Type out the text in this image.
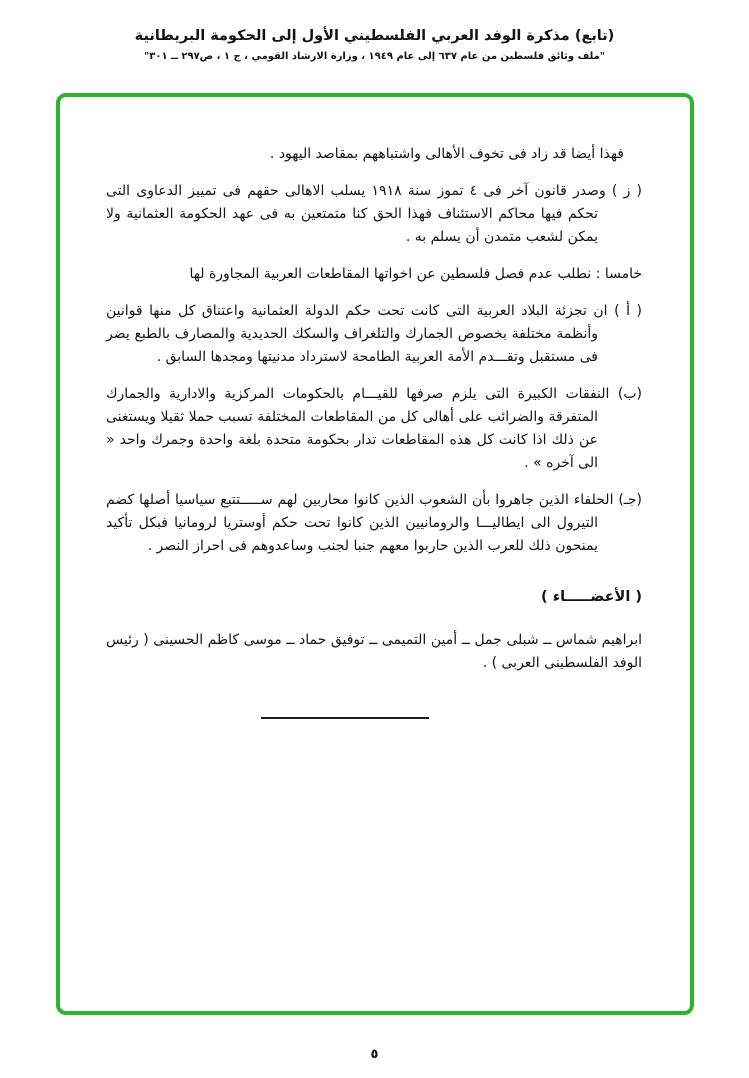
(تابع) مذكرة الوفد العربي الفلسطيني الأول إلى الحكومة البريطانية
"ملف وثائق فلسطين من عام ٦٣٧ إلى عام ١٩٤٩ ، وزارة الارشاد القومي ، ج ١ ، ص٢٩٧ ــ ٣٠١"

فهذا أيضا قد زاد فى تخوف الأهالى واشتباههم بمقاصد اليهود .

( ز ) وصدر قانون آخر فى ٤ تموز سنة ١٩١٨ يسلب الاهالى حقهم فى تمييز الدعاوى التى تحكم فيها محاكم الاستئناف فهذا الحق كنا متمتعين به فى عهد الحكومة العثمانية ولا يمكن لشعب متمدن أن يسلم به .

خامسا : نطلب عدم فصل فلسطين عن اخواتها المقاطعات العربية المجاورة لها

( أ ) ان تجزئة البلاد العربية التى كانت تحت حكم الدولة العثمانية واعتناق كل منها قوانين وأنظمة مختلفة بخصوص الجمارك والتلغراف والسكك الحديدية والمصارف بالطبع يضر فى مستقبل وتقـــدم الأمة العربية الطامحة لاسترداد مدنيتها ومجدها السابق .

(ب) النفقات الكبيرة التى يلزم صرفها للقيـــام بالحكومات المركزية والادارية والجمارك المتفرقة والضرائب على أهالى كل من المقاطعات المختلفة تسبب حملا ثقيلا ويستغنى عن ذلك اذا كانت كل هذه المقاطعات تدار بحكومة متحدة بلغة واحدة وجمرك واحد « الى آخره » .

(جـ) الحلفاء الذين جاهروا بأن الشعوب الذين كانوا محاربين لهم ســـــتتبع سياسيا أصلها كضم التيرول الى ايطاليـــا والرومانيين الذين كانوا تحت حكم أوستريا لرومانيا فبكل تأكيد يمنحون ذلك للعرب الذين حاربوا معهم جنبا لجنب وساعدوهم فى احراز النصر .

( الأعضـــــاء )

ابراهيم شماس ــ شبلى جمل ــ أمين التميمى ــ توفيق حماد ــ موسى كاظم الحسينى ( رئيس الوفد الفلسطينى العربى ) .

٥
